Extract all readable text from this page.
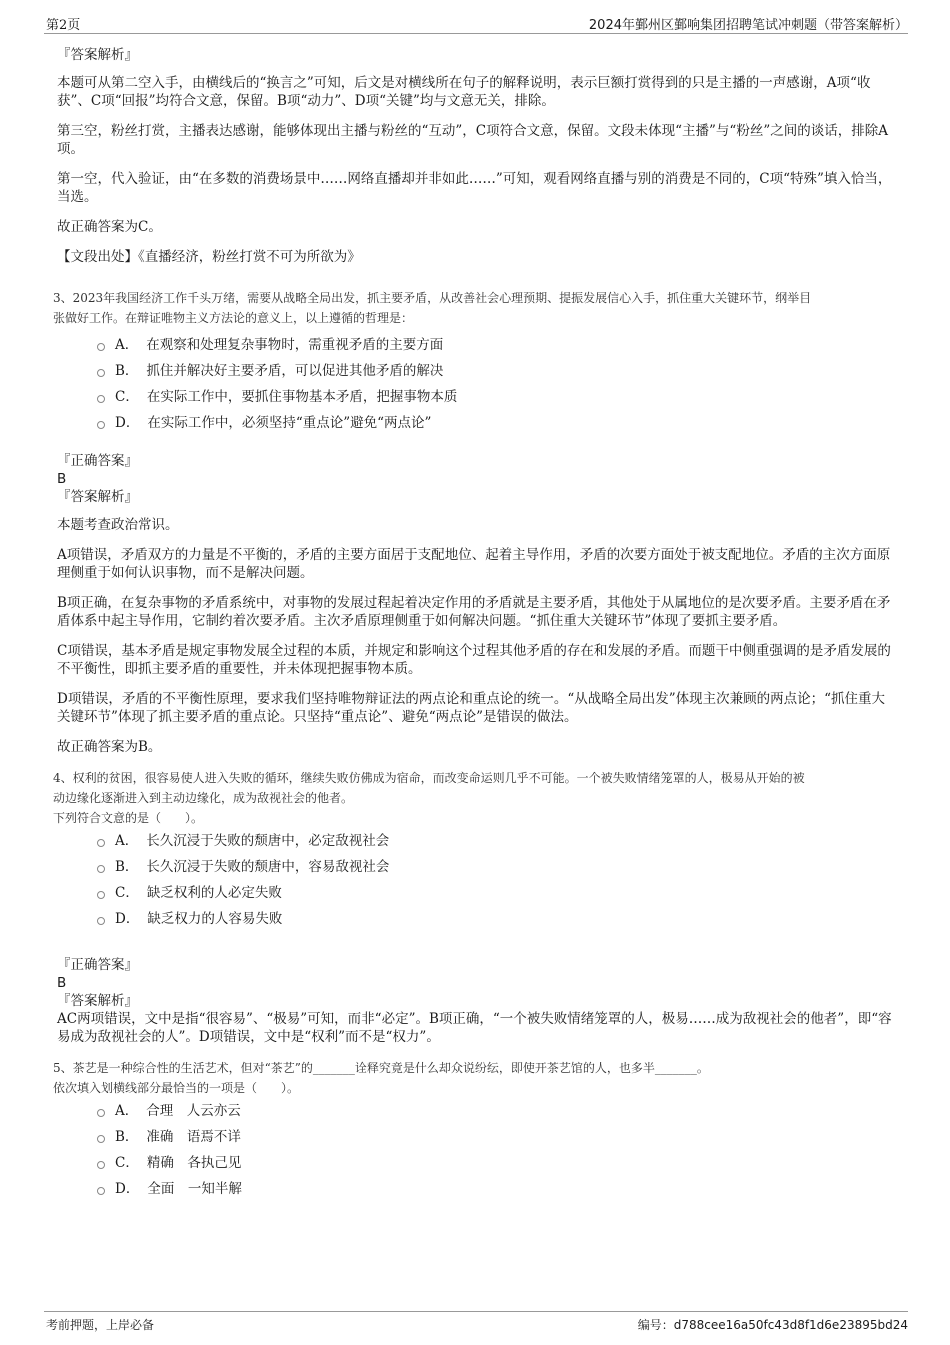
第2页	2024年鄞州区鄞响集团招聘笔试冲刺题（带答案解析）

『答案解析』

本题可从第二空入手，由横线后的“换言之”可知，后文是对横线所在句子的解释说明，表示巨额打赏得到的只是主播的一声感谢，A项“收获”、C项“回报”均符合文意，保留。B项“动力”、D项“关键”均与文意无关，排除。

第三空，粉丝打赏，主播表达感谢，能够体现出主播与粉丝的“互动”，C项符合文意，保留。文段未体现“主播”与“粉丝”之间的谈话，排除A项。

第一空，代入验证，由“在多数的消费场景中……网络直播却并非如此……”可知，观看网络直播与别的消费是不同的，C项“特殊”填入恰当，当选。

故正确答案为C。

【文段出处】《直播经济，粉丝打赏不可为所欲为》

3、2023年我国经济工作千头万绪，需要从战略全局出发，抓主要矛盾，从改善社会心理预期、提振发展信心入手，抓住重大关键环节，纲举目

张做好工作。在辩证唯物主义方法论的意义上，以上遵循的哲理是：

A． 在观察和处理复杂事物时，需重视矛盾的主要方面
B． 抓住并解决好主要矛盾，可以促进其他矛盾的解决
C． 在实际工作中，要抓住事物基本矛盾，把握事物本质
D． 在实际工作中，必须坚持“重点论”避免“两点论”

『正确答案』

B

『答案解析』

本题考查政治常识。

A项错误，矛盾双方的力量是不平衡的，矛盾的主要方面居于支配地位、起着主导作用，矛盾的次要方面处于被支配地位。矛盾的主次方面原理侧重于如何认识事物，而不是解决问题。

B项正确，在复杂事物的矛盾系统中，对事物的发展过程起着决定作用的矛盾就是主要矛盾，其他处于从属地位的是次要矛盾。主要矛盾在矛盾体系中起主导作用，它制约着次要矛盾。主次矛盾原理侧重于如何解决问题。“抓住重大关键环节”体现了要抓主要矛盾。

C项错误，基本矛盾是规定事物发展全过程的本质，并规定和影响这个过程其他矛盾的存在和发展的矛盾。而题干中侧重强调的是矛盾发展的不平衡性，即抓主要矛盾的重要性，并未体现把握事物本质。

D项错误，矛盾的不平衡性原理，要求我们坚持唯物辩证法的两点论和重点论的统一。“从战略全局出发”体现主次兼顾的两点论；“抓住重大关键环节”体现了抓主要矛盾的重点论。只坚持“重点论”、避免“两点论”是错误的做法。

故正确答案为B。

4、权利的贫困，很容易使人进入失败的循环，继续失败仿佛成为宿命，而改变命运则几乎不可能。一个被失败情绪笼罩的人，极易从开始的被

动边缘化逐渐进入到主动边缘化，成为敌视社会的他者。

下列符合文意的是（　　）。

A． 长久沉浸于失败的颓唐中，必定敌视社会
B． 长久沉浸于失败的颓唐中，容易敌视社会
C． 缺乏权利的人必定失败
D． 缺乏权力的人容易失败

『正确答案』

B

『答案解析』

AC两项错误，文中是指“很容易”、“极易”可知，而非“必定”。B项正确，“一个被失败情绪笼罩的人，极易……成为敌视社会的他者”，即“容易成为敌视社会的人”。D项错误，文中是“权利”而不是“权力”。

5、茶艺是一种综合性的生活艺术，但对“茶艺”的_______诠释究竟是什么却众说纷纭，即使开茶艺馆的人，也多半_______。

依次填入划横线部分最恰当的一项是（　　）。

A． 合理　人云亦云
B． 准确　语焉不详
C． 精确　各执己见
D． 全面　一知半解
考前押题，上岸必备	编号：d788cee16a50fc43d8f1d6e23895bd24
